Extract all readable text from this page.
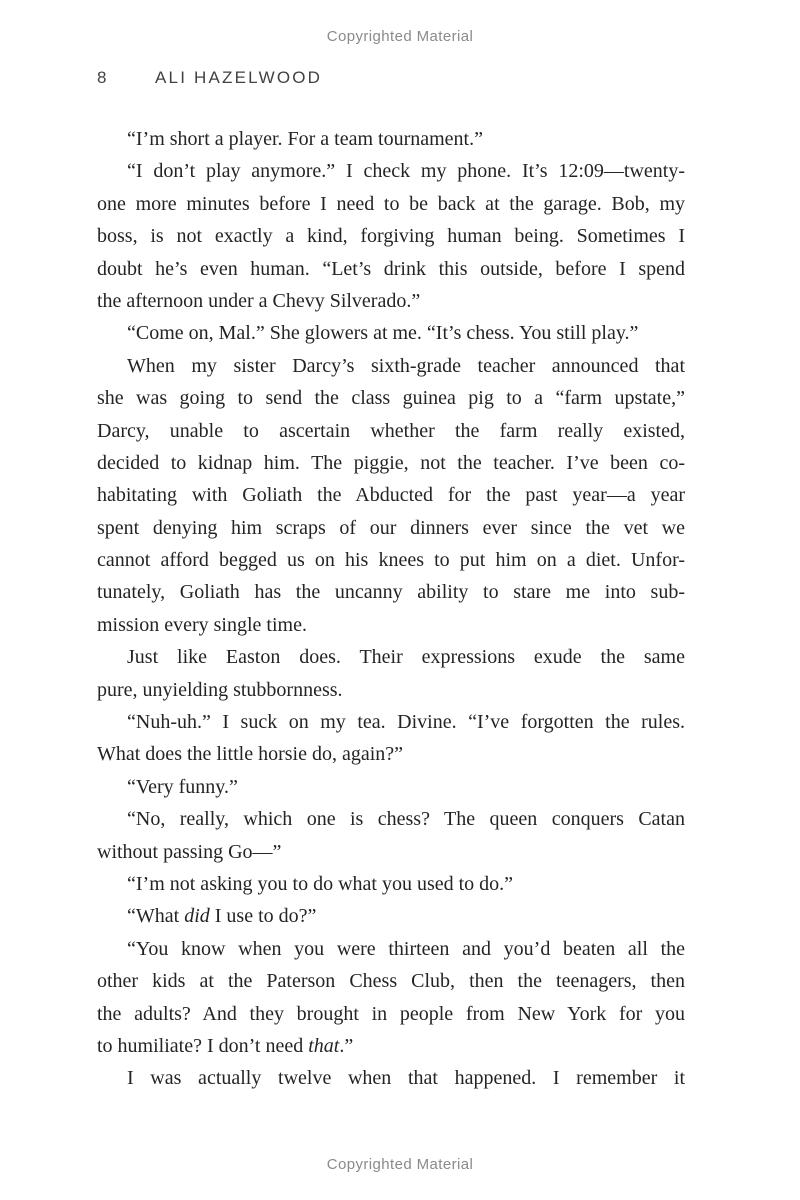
Copyrighted Material
8	ALI HAZELWOOD
“I’m short a player. For a team tournament.”
“I don’t play anymore.” I check my phone. It’s 12:09—twenty-
one more minutes before I need to be back at the garage. Bob, my
boss, is not exactly a kind, forgiving human being. Sometimes I
doubt he’s even human. “Let’s drink this outside, before I spend
the afternoon under a Chevy Silverado.”
“Come on, Mal.” She glowers at me. “It’s chess. You still play.”
When my sister Darcy’s sixth-grade teacher announced that
she was going to send the class guinea pig to a “farm upstate,”
Darcy, unable to ascertain whether the farm really existed,
decided to kidnap him. The piggie, not the teacher. I’ve been co-
habitating with Goliath the Abducted for the past year—a year
spent denying him scraps of our dinners ever since the vet we
cannot afford begged us on his knees to put him on a diet. Unfor-
tunately, Goliath has the uncanny ability to stare me into sub-
mission every single time.
Just like Easton does. Their expressions exude the same
pure, unyielding stubbornness.
“Nuh-uh.” I suck on my tea. Divine. “I’ve forgotten the rules.
What does the little horsie do, again?”
“Very funny.”
“No, really, which one is chess? The queen conquers Catan
without passing Go—”
“I’m not asking you to do what you used to do.”
“What did I use to do?”
“You know when you were thirteen and you’d beaten all the
other kids at the Paterson Chess Club, then the teenagers, then
the adults? And they brought in people from New York for you
to humiliate? I don’t need that.”
I was actually twelve when that happened. I remember it
Copyrighted Material
